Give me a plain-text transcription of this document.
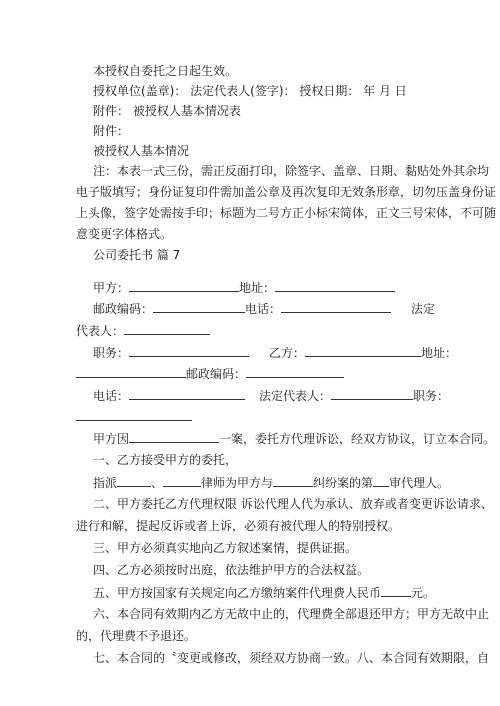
本授权自委托之日起生效。
授权单位(盖章)： 法定代表人(签字)： 授权日期： 年 月 日
附件： 被授权人基本情况表
附件：
被授权人基本情况
注：本表一式三份，需正反面打印，除签字、盖章、日期、黏贴处外其余均
电子版填写；身份证复印件需加盖公章及再次复印无效条形章，切勿压盖身份证
上头像，签字处需按手印；标题为二号方正小标宋简体，正文三号宋体，不可随
意变更字体格式。
公司委托书 篇 7
甲方：	地址：
邮政编码：	电话：	法定
代表人：
职务：	乙方：	地址：
邮政编码：
电话：	法定代表人：	职务：
甲方因	一案，委托方代理诉讼，经双方协议，订立本合同。
一、乙方接受甲方的委托，
指派	、	律师为甲方与	纠纷案的第 审代理人。
二、甲方委托乙方代理权限 诉讼代理人代为承认、放弃或者变更诉讼请求、
进行和解，提起反诉或者上诉，必须有被代理人的特别授权。
三、甲方必须真实地向乙方叙述案情，提供证据。
四、乙方必须按时出庭，依法维护甲方的合法权益。
五、甲方按国家有关规定向乙方缴纳案件代理费人民币	元。
六、本合同有效期内乙方无故中止的，代理费全部退还甲方；甲方无故中止
的，代理费不予退还。
七、本合同的〝变更或修改，须经双方协商一致。八、本合同有效期限，自
